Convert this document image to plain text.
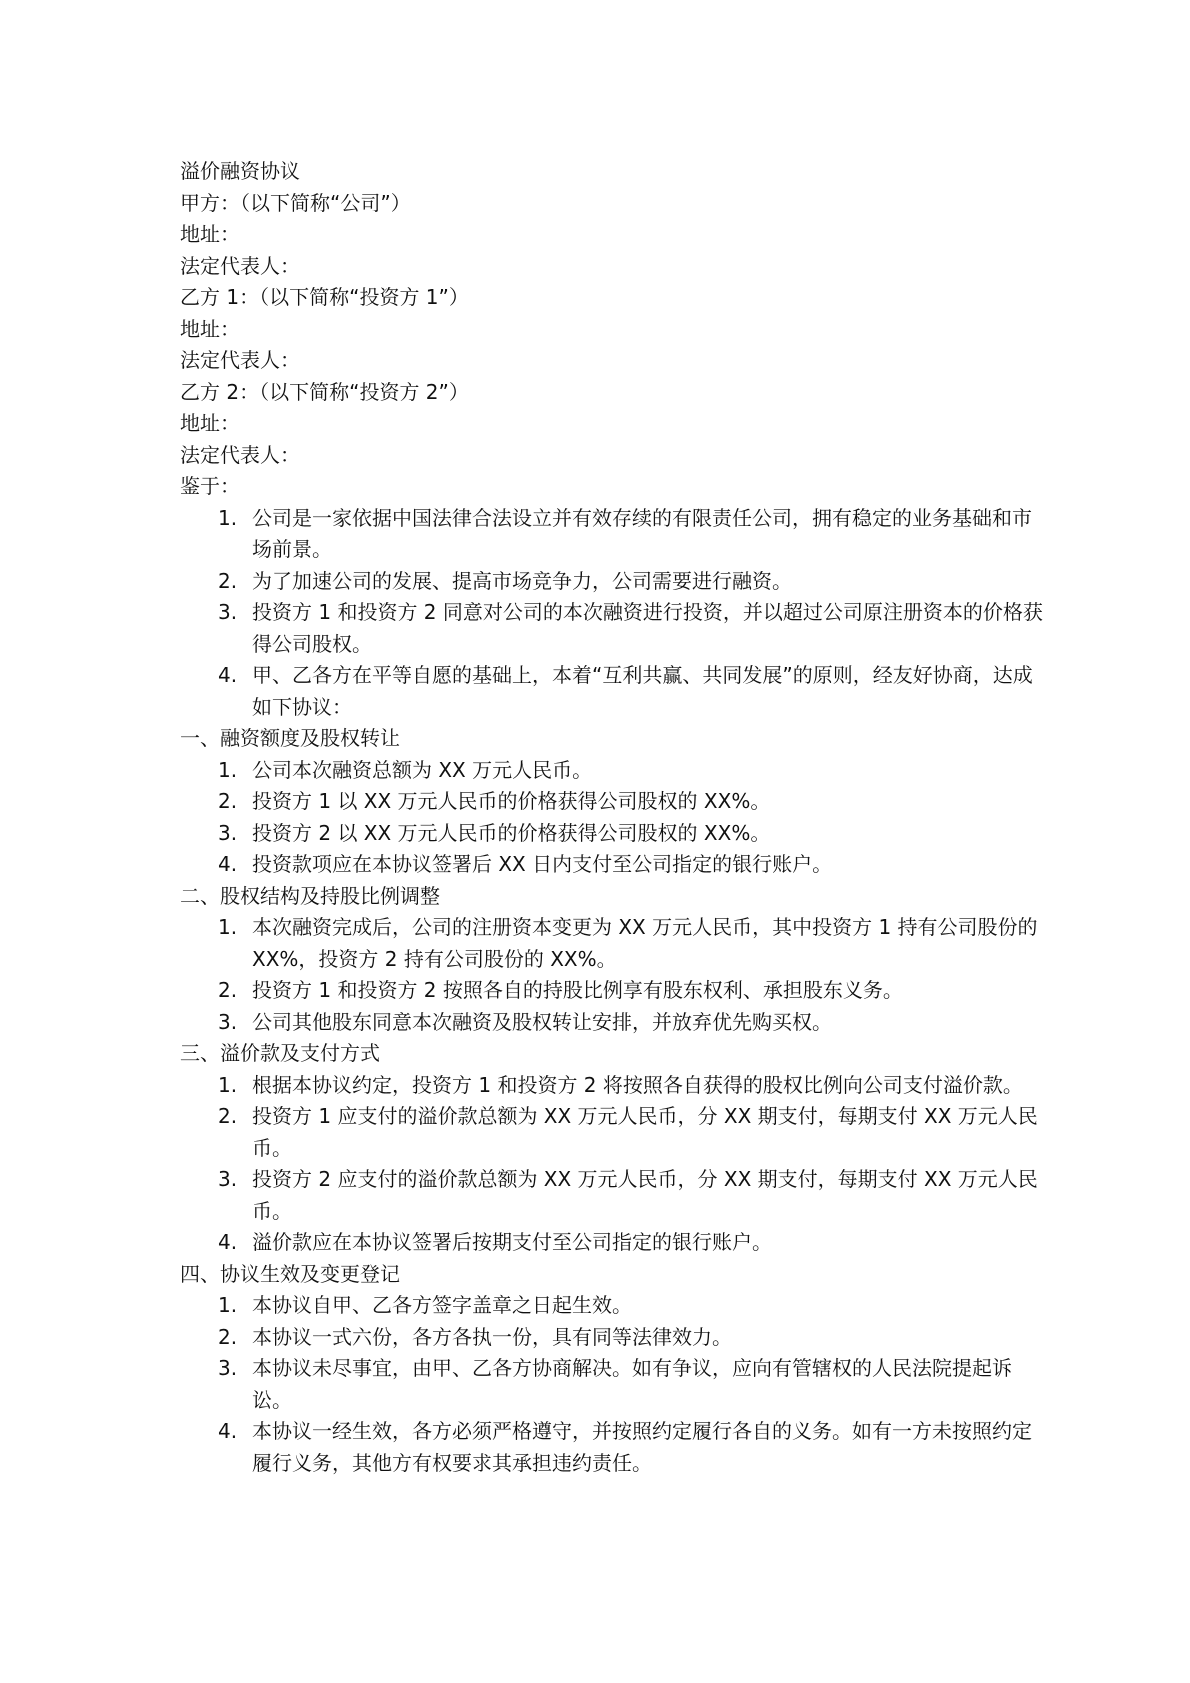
溢价融资协议
甲方：（以下简称“公司”）
地址：
法定代表人：
乙方 1：（以下简称“投资方 1”）
地址：
法定代表人：
乙方 2：（以下简称“投资方 2”）
地址：
法定代表人：
鉴于：
1. 公司是一家依据中国法律合法设立并有效存续的有限责任公司，拥有稳定的业务基础和市场前景。
2. 为了加速公司的发展、提高市场竞争力，公司需要进行融资。
3. 投资方 1 和投资方 2 同意对公司的本次融资进行投资，并以超过公司原注册资本的价格获得公司股权。
4. 甲、乙各方在平等自愿的基础上，本着“互利共赢、共同发展”的原则，经友好协商，达成如下协议：
一、融资额度及股权转让
1. 公司本次融资总额为 XX 万元人民币。
2. 投资方 1 以 XX 万元人民币的价格获得公司股权的 XX%。
3. 投资方 2 以 XX 万元人民币的价格获得公司股权的 XX%。
4. 投资款项应在本协议签署后 XX 日内支付至公司指定的银行账户。
二、股权结构及持股比例调整
1. 本次融资完成后，公司的注册资本变更为 XX 万元人民币，其中投资方 1 持有公司股份的 XX%，投资方 2 持有公司股份的 XX%。
2. 投资方 1 和投资方 2 按照各自的持股比例享有股东权利、承担股东义务。
3. 公司其他股东同意本次融资及股权转让安排，并放弃优先购买权。
三、溢价款及支付方式
1. 根据本协议约定，投资方 1 和投资方 2 将按照各自获得的股权比例向公司支付溢价款。
2. 投资方 1 应支付的溢价款总额为 XX 万元人民币，分 XX 期支付，每期支付 XX 万元人民币。
3. 投资方 2 应支付的溢价款总额为 XX 万元人民币，分 XX 期支付，每期支付 XX 万元人民币。
4. 溢价款应在本协议签署后按期支付至公司指定的银行账户。
四、协议生效及变更登记
1. 本协议自甲、乙各方签字盖章之日起生效。
2. 本协议一式六份，各方各执一份，具有同等法律效力。
3. 本协议未尽事宜，由甲、乙各方协商解决。如有争议，应向有管辖权的人民法院提起诉讼。
4. 本协议一经生效，各方必须严格遵守，并按照约定履行各自的义务。如有一方未按照约定履行义务，其他方有权要求其承担违约责任。
